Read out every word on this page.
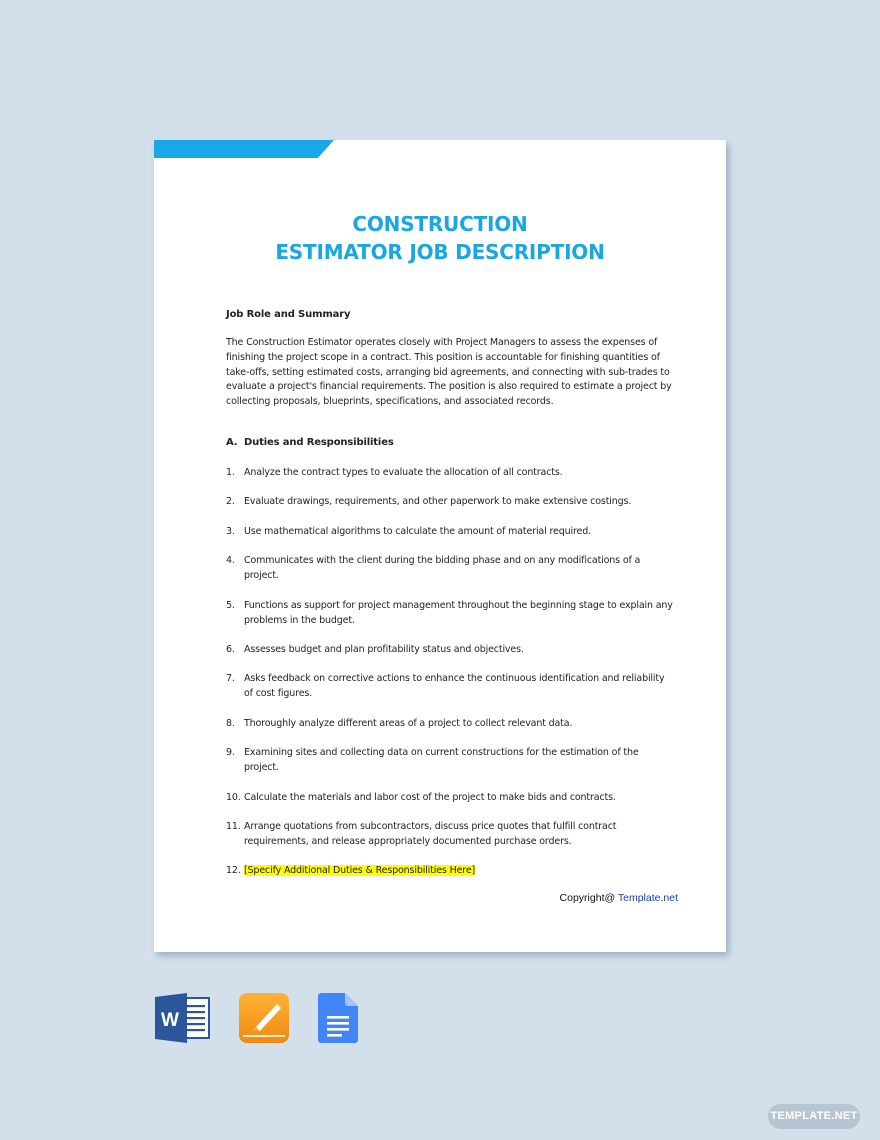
CONSTRUCTION
ESTIMATOR JOB DESCRIPTION

Job Role and Summary

The Construction Estimator operates closely with Project Managers to assess the expenses of finishing the project scope in a contract. This position is accountable for finishing quantities of take-offs, setting estimated costs, arranging bid agreements, and connecting with sub-trades to evaluate a project's financial requirements. The position is also required to estimate a project by collecting proposals, blueprints, specifications, and associated records.
A. Duties and Responsibilities
1. Analyze the contract types to evaluate the allocation of all contracts.
2. Evaluate drawings, requirements, and other paperwork to make extensive costings.
3. Use mathematical algorithms to calculate the amount of material required.
4. Communicates with the client during the bidding phase and on any modifications of a project.
5. Functions as support for project management throughout the beginning stage to explain any problems in the budget.
6. Assesses budget and plan profitability status and objectives.
7. Asks feedback on corrective actions to enhance the continuous identification and reliability of cost figures.
8. Thoroughly analyze different areas of a project to collect relevant data.
9. Examining sites and collecting data on current constructions for the estimation of the project.
10. Calculate the materials and labor cost of the project to make bids and contracts.
11. Arrange quotations from subcontractors, discuss price quotes that fulfill contract requirements, and release appropriately documented purchase orders.
12. [Specify Additional Duties & Responsibilities Here]
Copyright@ Template.net
W
TEMPLATE.NET
